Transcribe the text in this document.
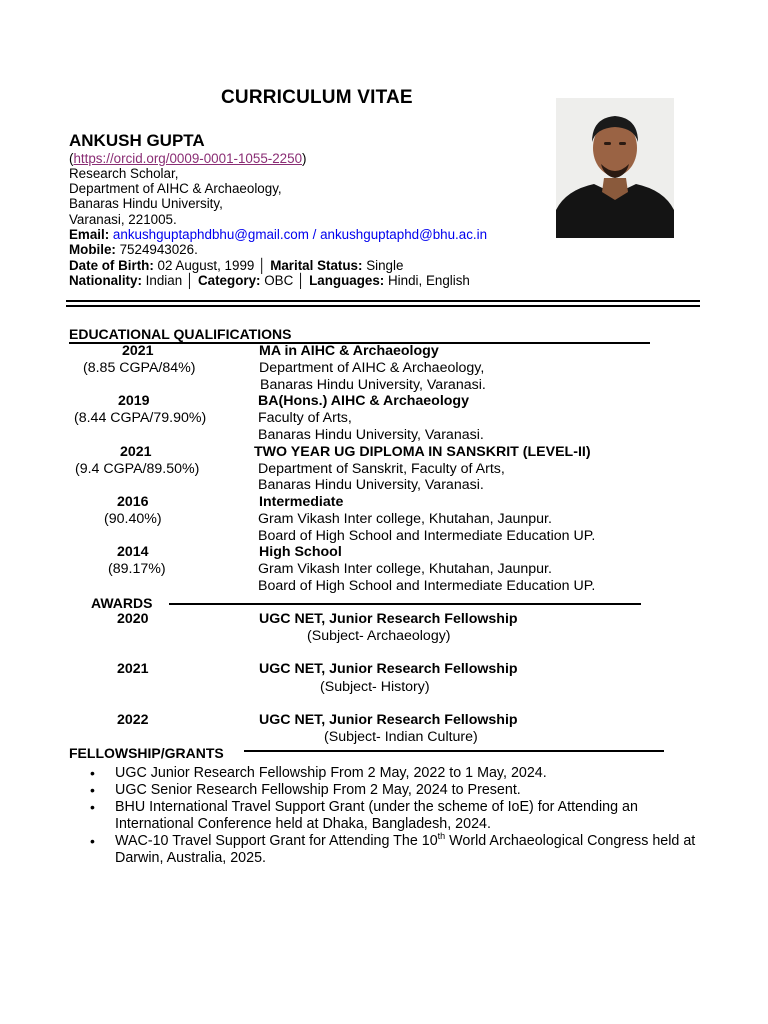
CURRICULUM VITAE
ANKUSH GUPTA
(https://orcid.org/0009-0001-1055-2250)
Research Scholar,
Department of AIHC & Archaeology,
Banaras Hindu University,
Varanasi, 221005.
Email: ankushguptaphdbhu@gmail.com / ankushguptaphd@bhu.ac.in
Mobile: 7524943026.
Date of Birth: 02 August, 1999 │ Marital Status: Single
Nationality: Indian │ Category: OBC │ Languages: Hindi, English
EDUCATIONAL QUALIFICATIONS
2021	MA in AIHC & Archaeology
(8.85 CGPA/84%)	Department of AIHC & Archaeology,
Banaras Hindu University, Varanasi.
2019	BA(Hons.) AIHC & Archaeology
(8.44 CGPA/79.90%)	Faculty of Arts,
Banaras Hindu University, Varanasi.
2021	TWO YEAR UG DIPLOMA IN SANSKRIT (LEVEL-II)
(9.4 CGPA/89.50%)	Department of Sanskrit, Faculty of Arts,
Banaras Hindu University, Varanasi.
2016	Intermediate
(90.40%)	Gram Vikash Inter college, Khutahan, Jaunpur.
Board of High School and Intermediate Education UP.
2014	High School
(89.17%)	Gram Vikash Inter college, Khutahan, Jaunpur.
Board of High School and Intermediate Education UP.
AWARDS
2020	UGC NET, Junior Research Fellowship
(Subject- Archaeology)
2021	UGC NET, Junior Research Fellowship
(Subject- History)
2022	UGC NET, Junior Research Fellowship
(Subject- Indian Culture)
FELLOWSHIP/GRANTS
• UGC Junior Research Fellowship From 2 May, 2022 to 1 May, 2024.
• UGC Senior Research Fellowship From 2 May, 2024 to Present.
• BHU International Travel Support Grant (under the scheme of IoE) for Attending an International Conference held at Dhaka, Bangladesh, 2024.
• WAC-10 Travel Support Grant for Attending The 10th World Archaeological Congress held at Darwin, Australia, 2025.
